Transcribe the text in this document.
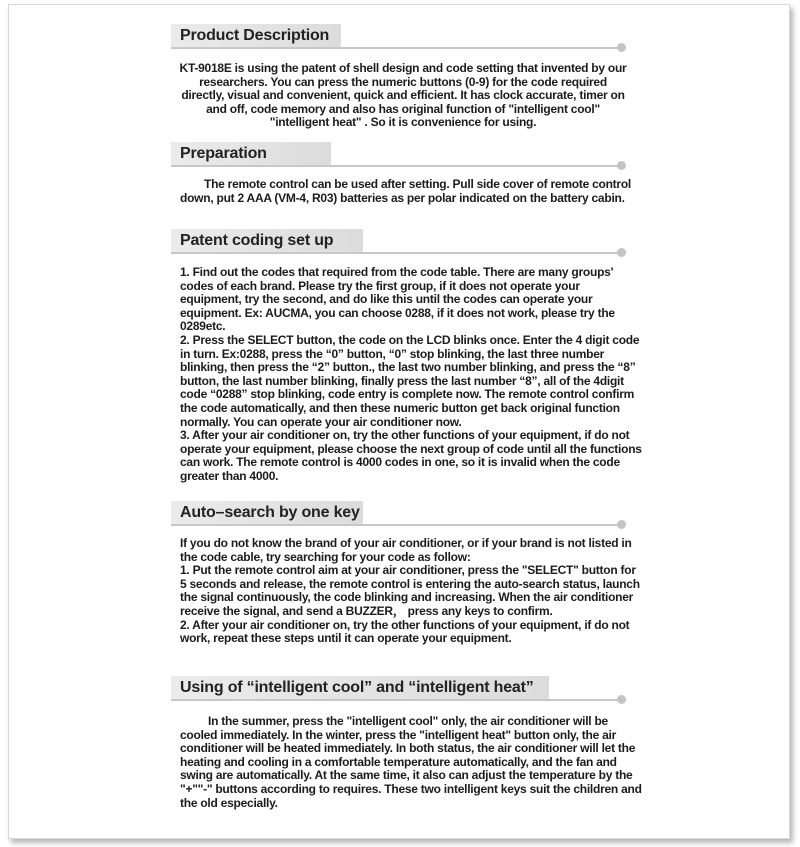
Product Description

KT-9018E is using the patent of shell design and code setting that invented by our researchers. You can press the numeric buttons (0-9) for the code required directly, visual and convenient, quick and efficient. It has clock accurate, timer on and off, code memory and also has original function of "intelligent cool" "intelligent heat" . So it is convenience for using.

Preparation

The remote control can be used after setting. Pull side cover of remote control down, put 2 AAA (VM-4, R03) batteries as per polar indicated on the battery cabin.

Patent coding set up

1. Find out the codes that required from the code table. There are many groups' codes of each brand. Please try the first group, if it does not operate your equipment, try the second, and do like this until the codes can operate your equipment. Ex: AUCMA, you can choose 0288, if it does not work, please try the 0289etc.

2. Press the SELECT button, the code on the LCD blinks once. Enter the 4 digit code in turn. Ex:0288, press the “0” button, “0” stop blinking, the last three number blinking, then press the “2” button., the last two number blinking, and press the “8” button, the last number blinking, finally press the last number “8”, all of the 4digit code “0288” stop blinking, code entry is complete now. The remote control confirm the code automatically, and then these numeric button get back original function normally. You can operate your air conditioner now.

3. After your air conditioner on, try the other functions of your equipment, if do not operate your equipment, please choose the next group of code until all the functions can work. The remote control is 4000 codes in one, so it is invalid when the code greater than 4000.

Auto–search by one key

If you do not know the brand of your air conditioner, or if your brand is not listed in the code cable, try searching for your code as follow:

1. Put the remote control aim at your air conditioner, press the "SELECT" button for 5 seconds and release, the remote control is entering the auto-search status, launch the signal continuously, the code blinking and increasing. When the air conditioner receive the signal, and send a BUZZER， press any keys to confirm.

2. After your air conditioner on, try the other functions of your equipment, if do not work, repeat these steps until it can operate your equipment.

Using of “intelligent cool” and “intelligent heat”

In the summer, press the "intelligent cool" only, the air conditioner will be cooled immediately. In the winter, press the "intelligent heat" button only, the air conditioner will be heated immediately. In both status, the air conditioner will let the heating and cooling in a comfortable temperature automatically, and the fan and swing are automatically. At the same time, it also can adjust the temperature by the "+""-" buttons according to requires. These two intelligent keys suit the children and the old especially.
